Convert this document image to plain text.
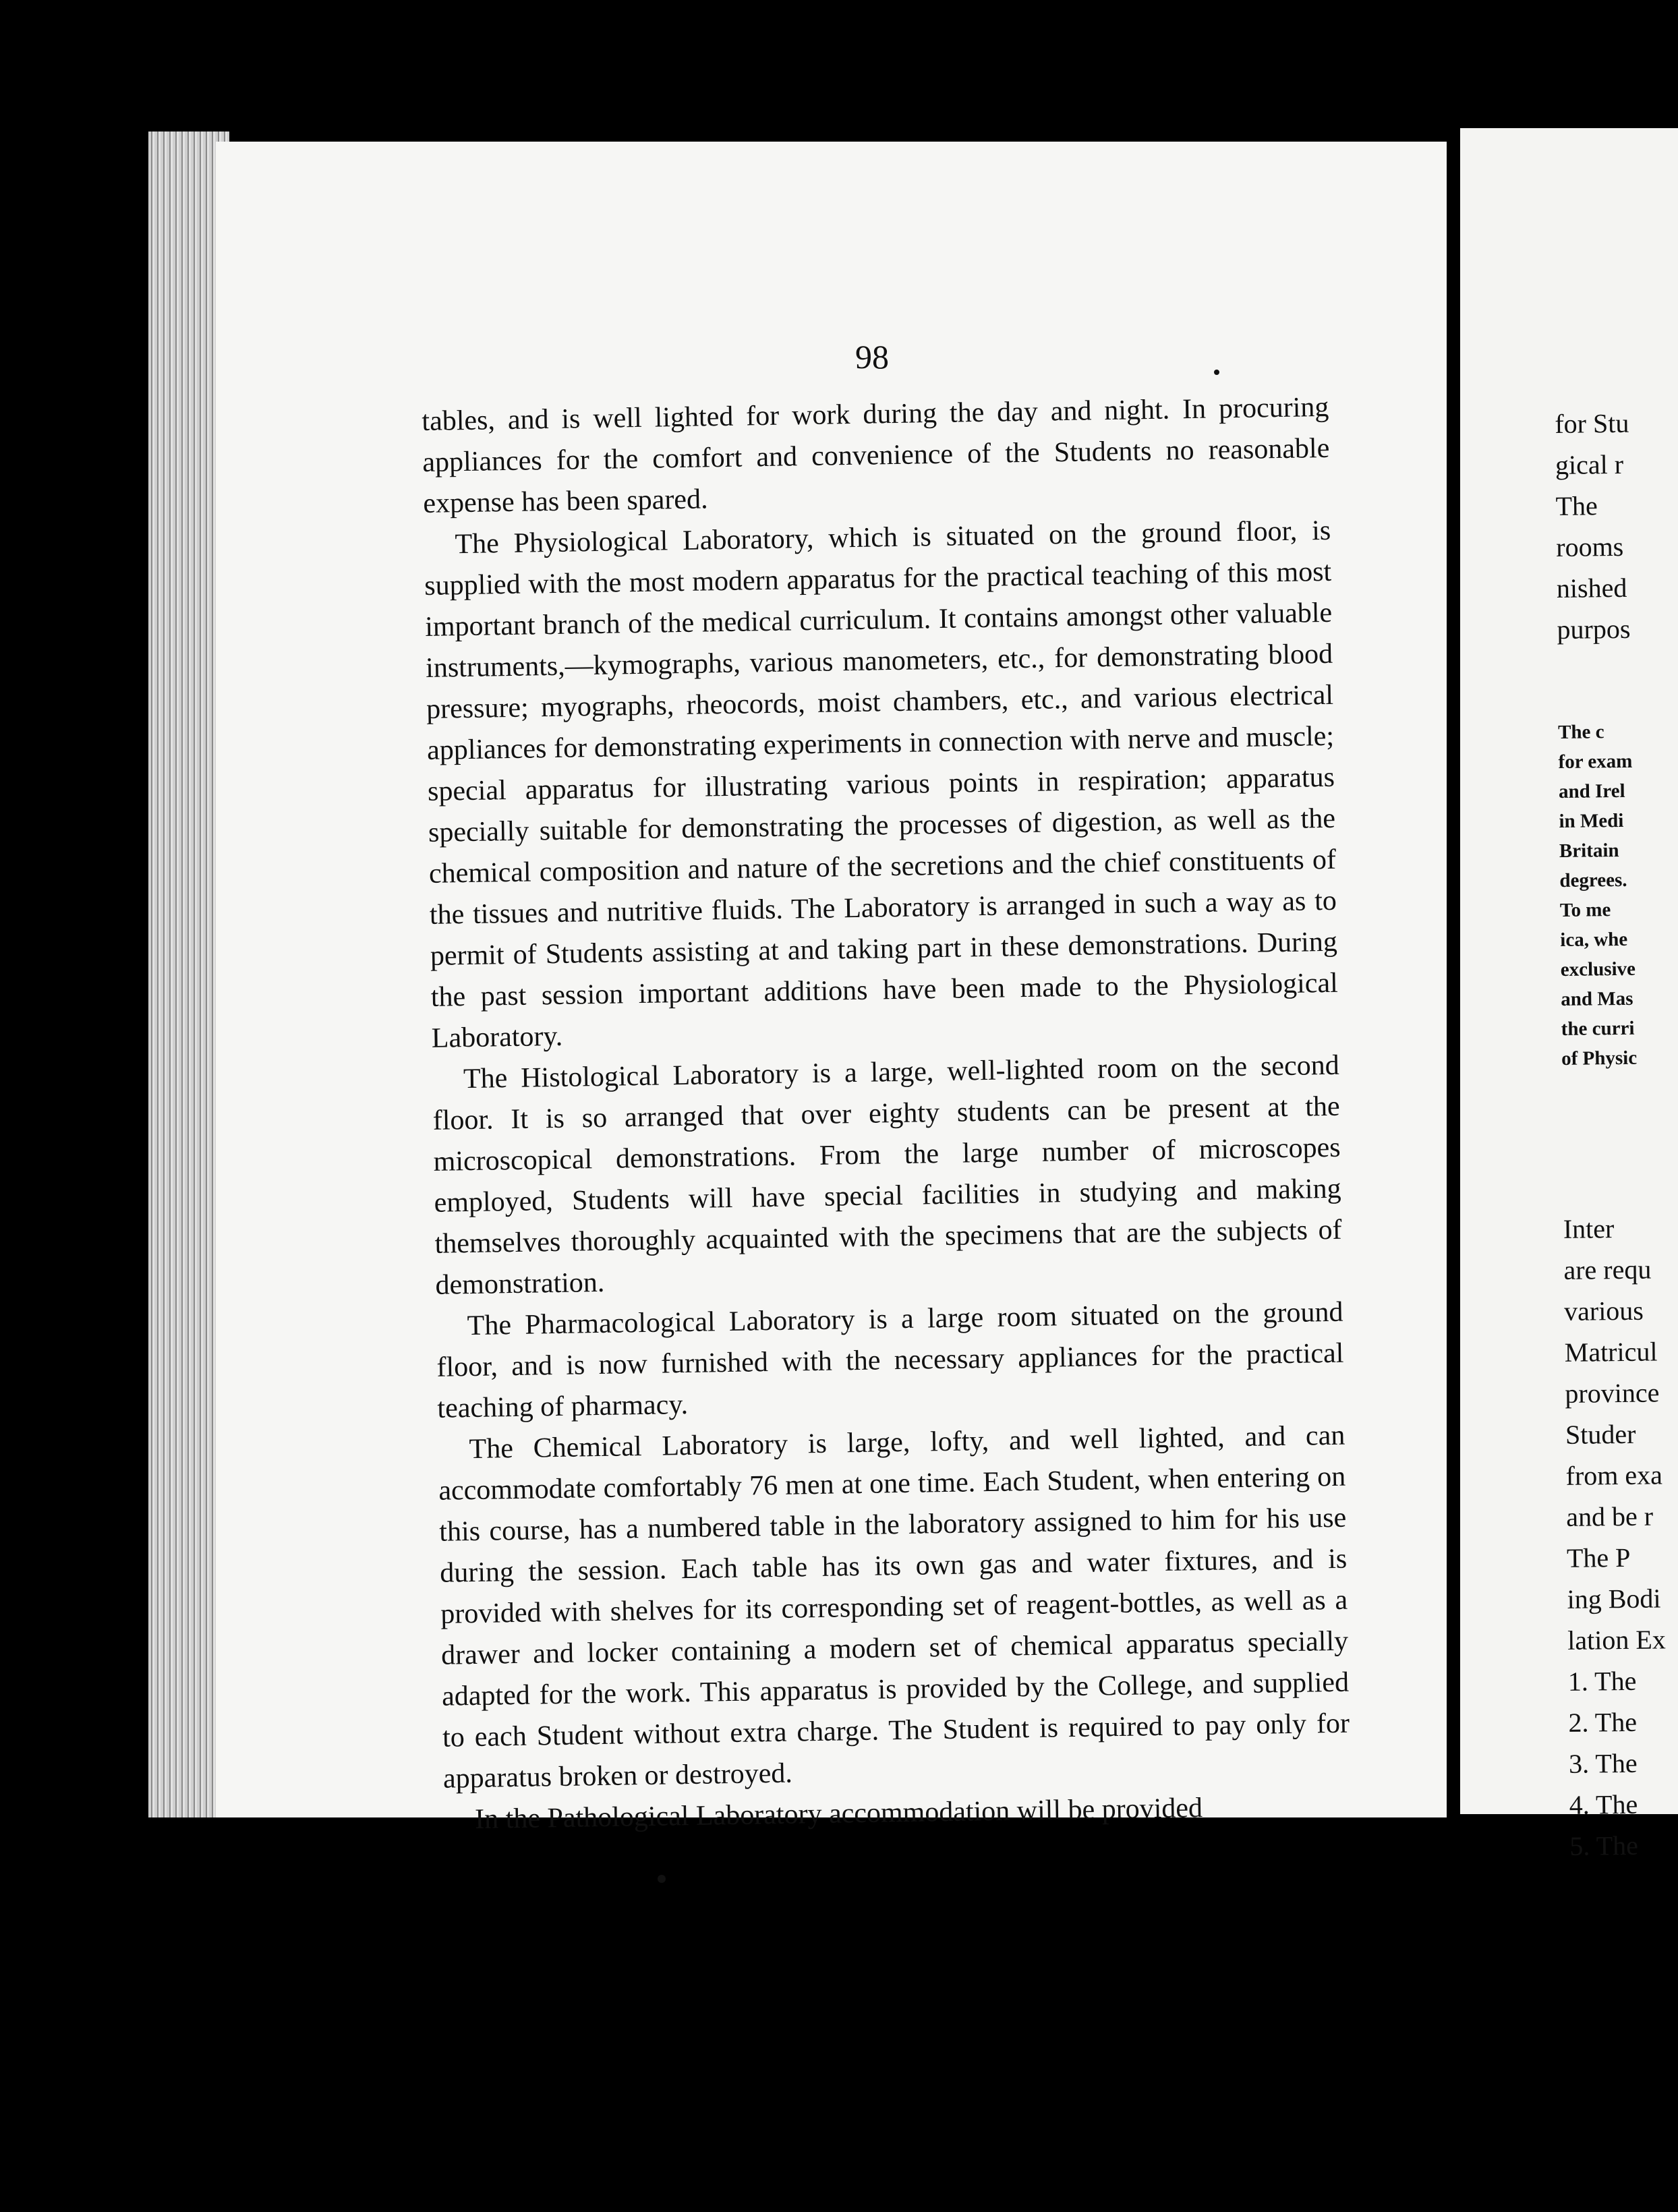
98

tables, and is well lighted for work during the day and night. In procuring appliances for the comfort and convenience of the Students no reasonable expense has been spared.

The Physiological Laboratory, which is situated on the ground floor, is supplied with the most modern apparatus for the practical teaching of this most important branch of the medical curriculum. It contains amongst other valuable instruments,—kymographs, various manometers, etc., for demonstrating blood pressure; myographs, rheocords, moist chambers, etc., and various electrical appliances for demonstrating experiments in connection with nerve and muscle; special apparatus for illustrating various points in respiration; apparatus specially suitable for demonstrating the processes of digestion, as well as the chemical composition and nature of the secretions and the chief constituents of the tissues and nutritive fluids. The Laboratory is arranged in such a way as to permit of Students assisting at and taking part in these demonstrations. During the past session important additions have been made to the Physiological Laboratory.

The Histological Laboratory is a large, well-lighted room on the second floor. It is so arranged that over eighty students can be present at the microscopical demonstrations. From the large number of microscopes employed, Students will have special facilities in studying and making themselves thoroughly acquainted with the specimens that are the subjects of demonstration.

The Pharmacological Laboratory is a large room situated on the ground floor, and is now furnished with the necessary appliances for the practical teaching of pharmacy.

The Chemical Laboratory is large, lofty, and well lighted, and can accommodate comfortably 76 men at one time. Each Student, when entering on this course, has a numbered table in the laboratory assigned to him for his use during the session. Each table has its own gas and water fixtures, and is provided with shelves for its corresponding set of reagent-bottles, as well as a drawer and locker containing a modern set of chemical apparatus specially adapted for the work. This apparatus is provided by the College, and supplied to each Student without extra charge. The Student is required to pay only for apparatus broken or destroyed.

In the Pathological Laboratory accommodation will be provided

for Stu
gical r
The
rooms
nished
purpos
The c
for exam
and Irel
in Medi
Britain
degrees.
To me
ica, whe
exclusive
and Mas
the curri
of Physic
Inter
are requ
various
Matricul
province
Studer
from exa
and be r
The P
ing Bodi
lation Ex
1. The
2. The
3. The
4. The
5. The
